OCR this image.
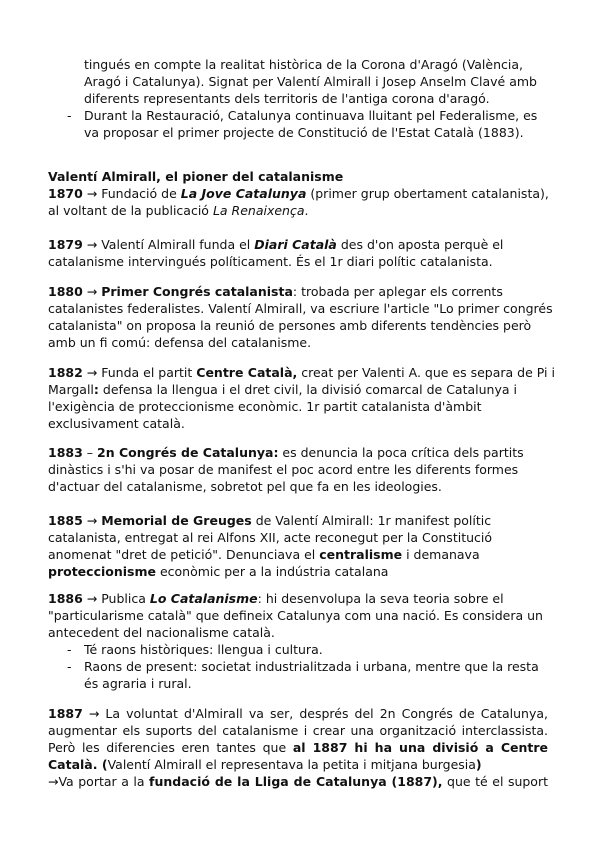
tingués en compte la realitat històrica de la Corona d'Aragó (València,
Aragó i Catalunya). Signat per Valentí Almirall i Josep Anselm Clavé amb
diferents representants dels territoris de l'antiga corona d'aragó.
- Durant la Restauració, Catalunya continuava lluitant pel Federalisme, es
va proposar el primer projecte de Constitució de l'Estat Català (1883).
Valentí Almirall, el pioner del catalanisme
1870 → Fundació de La Jove Catalunya (primer grup obertament catalanista),
al voltant de la publicació La Renaixença.
1879 → Valentí Almirall funda el Diari Català des d'on aposta perquè el
catalanisme intervingués políticament. És el 1r diari polític catalanista.
1880 → Primer Congrés catalanista: trobada per aplegar els corrents
catalanistes federalistes. Valentí Almirall, va escriure l'article "Lo primer congrés
catalanista" on proposa la reunió de persones amb diferents tendències però
amb un fi comú: defensa del catalanisme.
1882 → Funda el partit Centre Català, creat per Valenti A. que es separa de Pi i
Margall: defensa la llengua i el dret civil, la divisió comarcal de Catalunya i
l'exigència de proteccionisme econòmic. 1r partit catalanista d'àmbit
exclusivament català.
1883 – 2n Congrés de Catalunya: es denuncia la poca crítica dels partits
dinàstics i s'hi va posar de manifest el poc acord entre les diferents formes
d'actuar del catalanisme, sobretot pel que fa en les ideologies.
1885 → Memorial de Greuges de Valentí Almirall: 1r manifest polític
catalanista, entregat al rei Alfons XII, acte reconegut per la Constitució
anomenat "dret de petició". Denunciava el centralisme i demanava
proteccionisme econòmic per a la indústria catalana
1886 → Publica Lo Catalanisme: hi desenvolupa la seva teoria sobre el
"particularisme català" que defineix Catalunya com una nació. Es considera un
antecedent del nacionalisme català.
- Té raons històriques: llengua i cultura.
- Raons de present: societat industrialitzada i urbana, mentre que la resta
és agraria i rural.
1887 → La voluntat d'Almirall va ser, després del 2n Congrés de Catalunya,
augmentar els suports del catalanisme i crear una organització interclassista.
Però les diferencies eren tantes que al 1887 hi ha una divisió a Centre
Català. (Valentí Almirall el representava la petita i mitjana burgesia)
→Va portar a la fundació de la Lliga de Catalunya (1887), que té el suport
